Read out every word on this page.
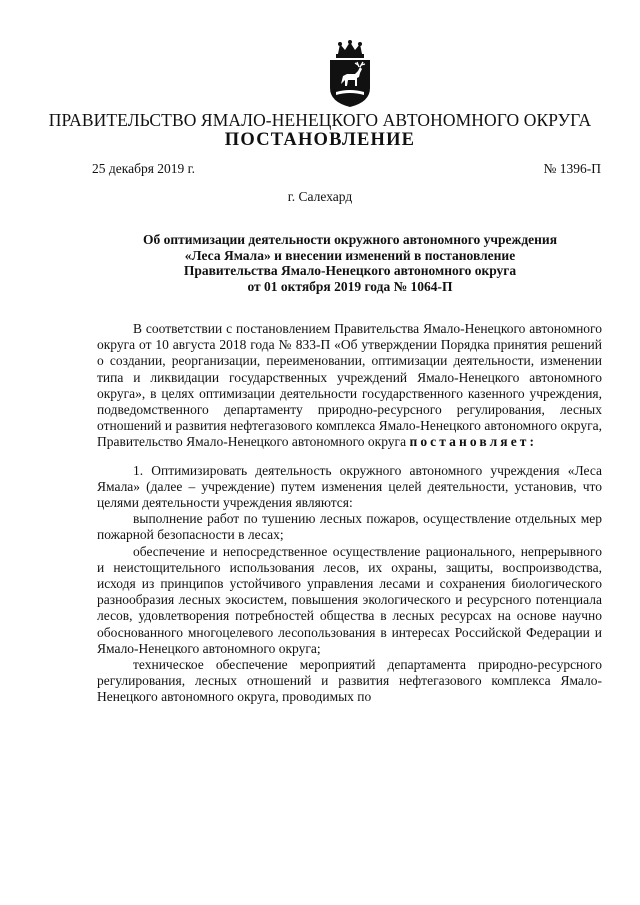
ПРАВИТЕЛЬСТВО ЯМАЛО-НЕНЕЦКОГО АВТОНОМНОГО ОКРУГА
ПОСТАНОВЛЕНИЕ
25 декабря 2019 г.	№ 1396-П
г. Салехард
Об оптимизации деятельности окружного автономного учреждения
«Леса Ямала» и внесении изменений в постановление
Правительства Ямало-Ненецкого автономного округа
от 01 октября 2019 года № 1064-П

В соответствии с постановлением Правительства Ямало-Ненецкого автономного округа от 10 августа 2018 года № 833-П «Об утверждении Порядка принятия решений о создании, реорганизации, переименовании, оптимизации деятельности, изменении типа и ликвидации государственных учреждений Ямало-Ненецкого автономного округа», в целях оптимизации деятельности государственного казенного учреждения, подведомственного департаменту природно-ресурсного регулирования, лесных отношений и развития нефтегазового комплекса Ямало-Ненецкого автономного округа, Правительство Ямало-Ненецкого автономного округа постановляет:

1. Оптимизировать деятельность окружного автономного учреждения «Леса Ямала» (далее – учреждение) путем изменения целей деятельности, установив, что целями деятельности учреждения являются:

выполнение работ по тушению лесных пожаров, осуществление отдельных мер пожарной безопасности в лесах;

обеспечение и непосредственное осуществление рационального, непрерывного и неистощительного использования лесов, их охраны, защиты, воспроизводства, исходя из принципов устойчивого управления лесами и сохранения биологического разнообразия лесных экосистем, повышения экологического и ресурсного потенциала лесов, удовлетворения потребностей общества в лесных ресурсах на основе научно обоснованного многоцелевого лесопользования в интересах Российской Федерации и Ямало-Ненецкого автономного округа;

техническое обеспечение мероприятий департамента природно-ресурсного регулирования, лесных отношений и развития нефтегазового комплекса Ямало-Ненецкого автономного округа, проводимых по
